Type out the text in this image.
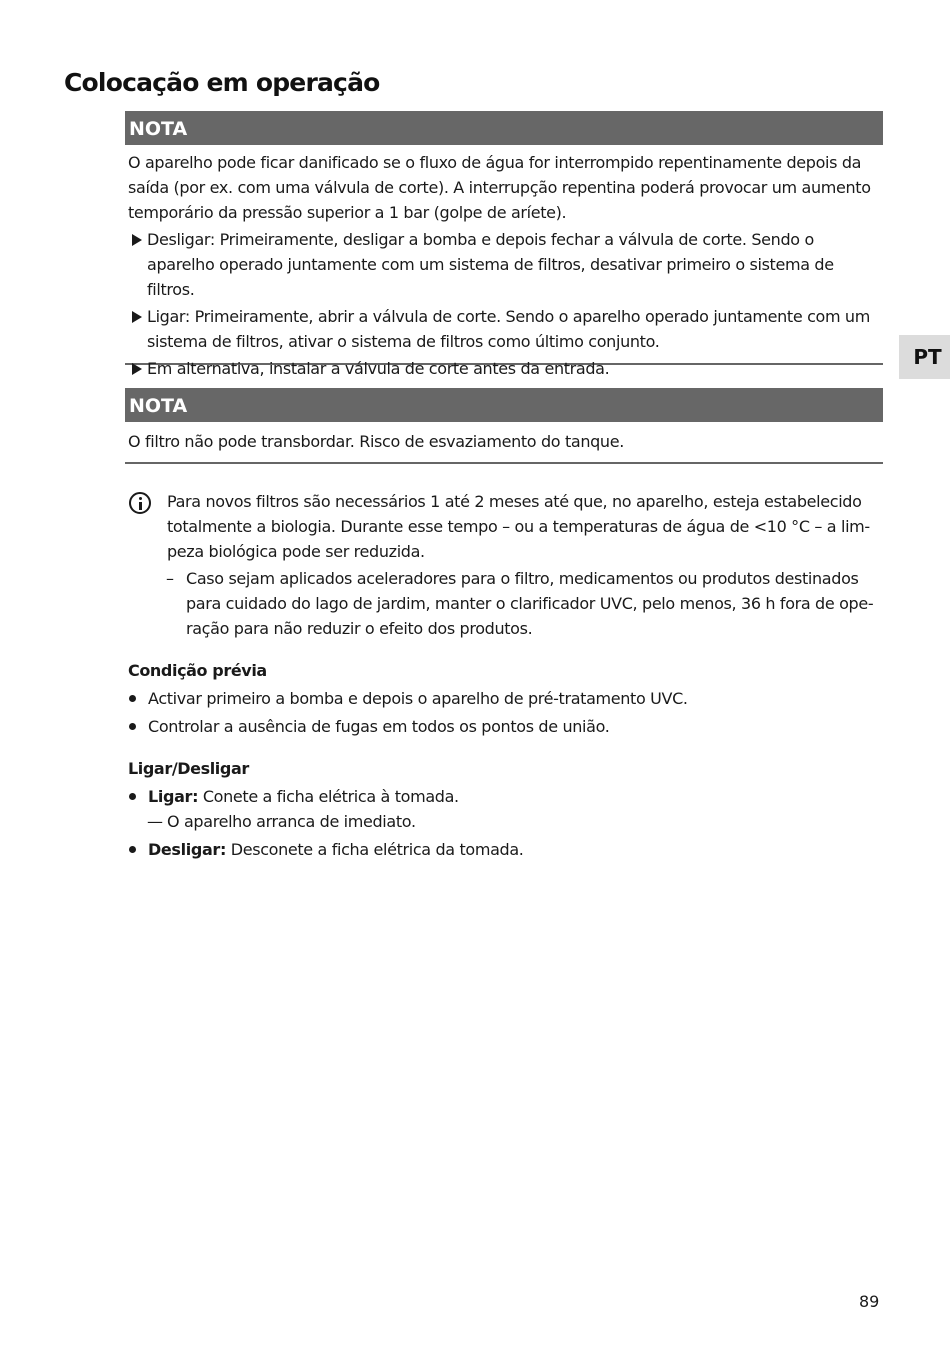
Colocação em operação
PT
NOTA
O aparelho pode ficar danificado se o fluxo de água for interrompido repentinamente depois da saída (por ex. com uma válvula de corte). A interrupção repentina poderá provocar um aumento temporário da pressão superior a 1 bar (golpe de aríete).
Desligar: Primeiramente, desligar a bomba e depois fechar a válvula de corte. Sendo o aparelho operado juntamente com um sistema de filtros, desativar primeiro o sistema de filtros.
Ligar: Primeiramente, abrir a válvula de corte. Sendo o aparelho operado juntamente com um sistema de filtros, ativar o sistema de filtros como último conjunto.
Em alternativa, instalar a válvula de corte antes da entrada.
NOTA
O filtro não pode transbordar. Risco de esvaziamento do tanque.
Para novos filtros são necessários 1 até 2 meses até que, no aparelho, esteja estabelecido totalmente a biologia. Durante esse tempo – ou a temperaturas de água de <10 °C – a limpeza biológica pode ser reduzida.
– Caso sejam aplicados aceleradores para o filtro, medicamentos ou produtos destinados para cuidado do lago de jardim, manter o clarificador UVC, pelo menos, 36 h fora de operação para não reduzir o efeito dos produtos.
Condição prévia
Activar primeiro a bomba e depois o aparelho de pré-tratamento UVC.
Controlar a ausência de fugas em todos os pontos de união.
Ligar/Desligar
Ligar: Conete a ficha elétrica à tomada.
— O aparelho arranca de imediato.
Desligar: Desconete a ficha elétrica da tomada.
89
